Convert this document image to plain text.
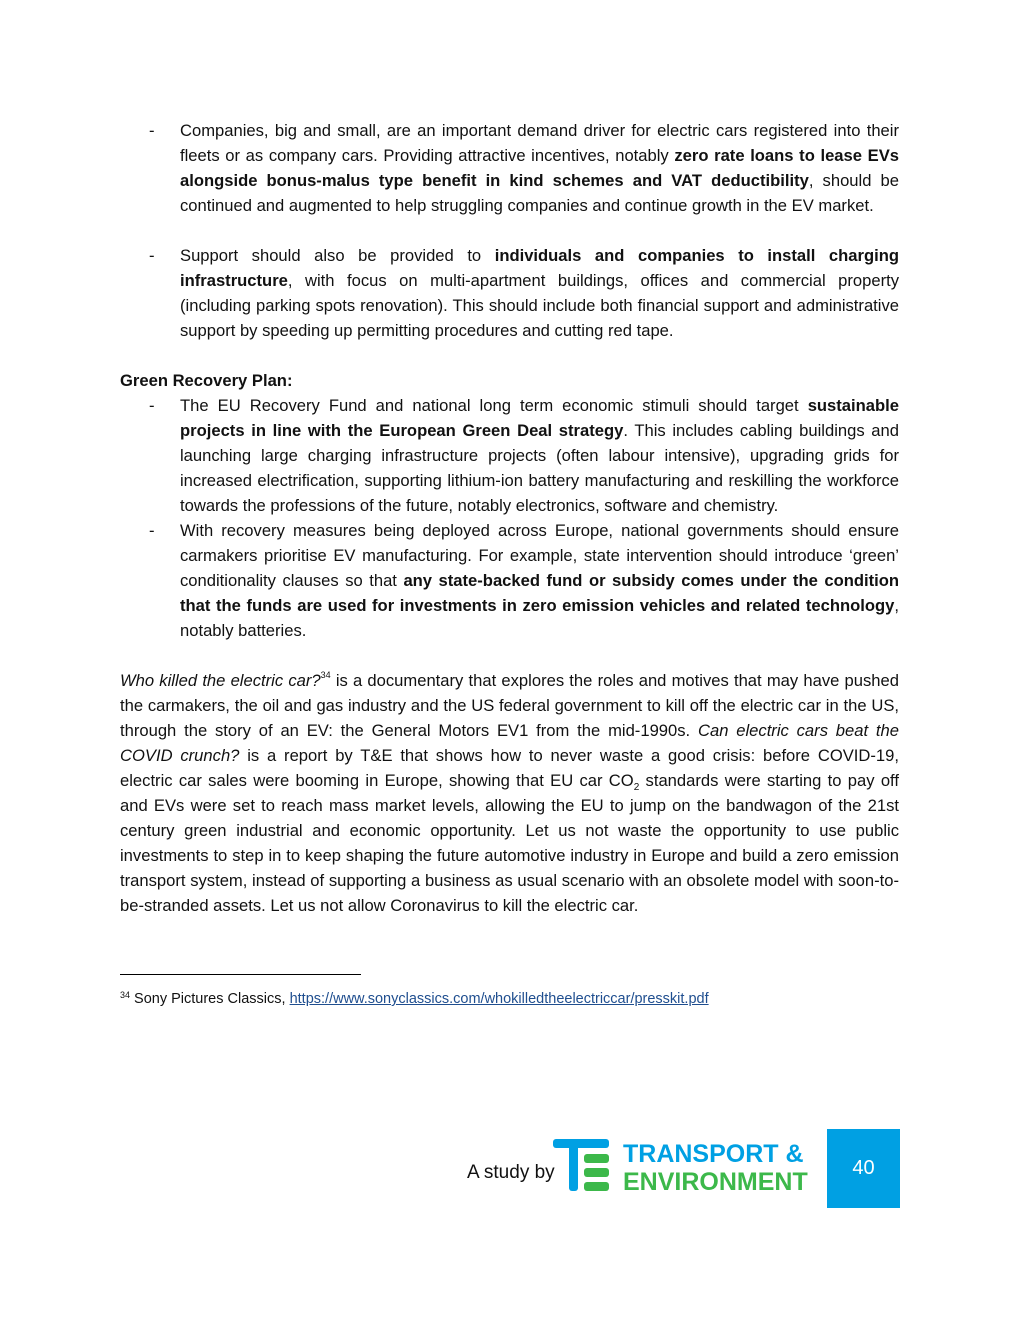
- Companies, big and small, are an important demand driver for electric cars registered into their fleets or as company cars. Providing attractive incentives, notably zero rate loans to lease EVs alongside bonus-malus type benefit in kind schemes and VAT deductibility, should be continued and augmented to help struggling companies and continue growth in the EV market.
- Support should also be provided to individuals and companies to install charging infrastructure, with focus on multi-apartment buildings, offices and commercial property (including parking spots renovation). This should include both financial support and administrative support by speeding up permitting procedures and cutting red tape.

Green Recovery Plan:

- The EU Recovery Fund and national long term economic stimuli should target sustainable projects in line with the European Green Deal strategy. This includes cabling buildings and launching large charging infrastructure projects (often labour intensive), upgrading grids for increased electrification, supporting lithium-ion battery manufacturing and reskilling the workforce towards the professions of the future, notably electronics, software and chemistry.
- With recovery measures being deployed across Europe, national governments should ensure carmakers prioritise EV manufacturing. For example, state intervention should introduce ‘green’ conditionality clauses so that any state-backed fund or subsidy comes under the condition that the funds are used for investments in zero emission vehicles and related technology, notably batteries.

Who killed the electric car?$^{34}$ is a documentary that explores the roles and motives that may have pushed the carmakers, the oil and gas industry and the US federal government to kill off the electric car in the US, through the story of an EV: the General Motors EV1 from the mid-1990s. Can electric cars beat the COVID crunch? is a report by T&E that shows how to never waste a good crisis: before COVID-19, electric car sales were booming in Europe, showing that EU car $CO_2$ standards were starting to pay off and EVs were set to reach mass market levels, allowing the EU to jump on the bandwagon of the 21st century green industrial and economic opportunity. Let us not waste the opportunity to use public investments to step in to keep shaping the future automotive industry in Europe and build a zero emission transport system, instead of supporting a business as usual scenario with an obsolete model with soon-to-be-stranded assets. Let us not allow Coronavirus to kill the electric car.

$^{34}$ Sony Pictures Classics, https://www.sonyclassics.com/whokilledtheelectriccar/presskit.pdf
A study by
TRANSPORT &
ENVIRONMENT 40
